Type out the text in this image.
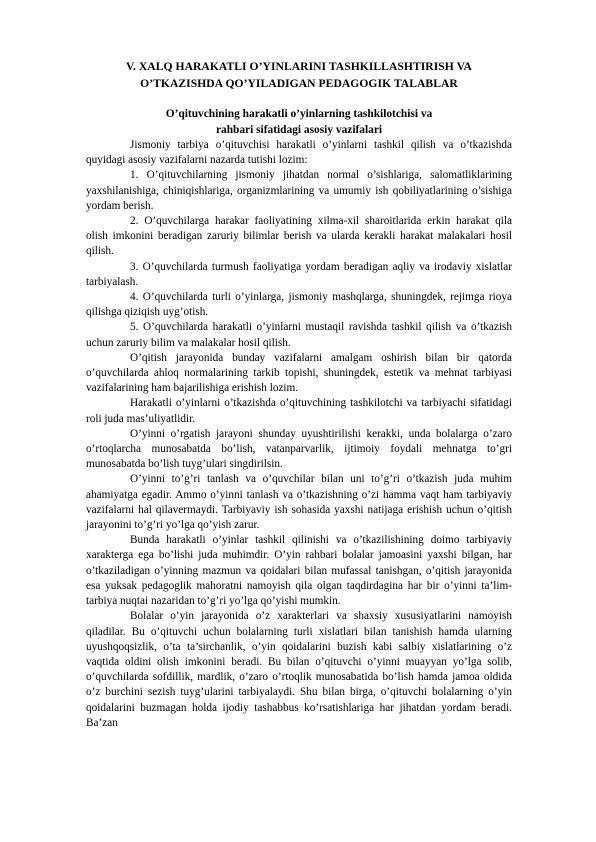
V. XALQ HARAKATLI O’YINLARINI TASHKILLASHTIRISH VA
O’TKAZISHDA QO’YILADIGAN PEDAGOGIK TALABLAR
O’qituvchining harakatli o’yinlarning tashkilotchisi va
rahbari sifatidagi asosiy vazifalari

Jismoniy tarbiya o’qituvchisi harakatli o’yinlarni tashkil qilish va o’tkazishda quyidagi asosiy vazifalarni nazarda tutishi lozim:

1. O’qituvchilarning jismoniy jihatdan normal o’sishlariga, salomatliklarining yaxshilanishiga, chiniqishlariga, organizmlarining va umumiy ish qobiliyatlarining o’sishiga yordam berish.

2. O’quvchilarga harakar faoliyatining xilma-xil sharoitlarida erkin harakat qila olish imkonini beradigan zaruriy bilimlar berish va ularda kerakli harakat malakalari hosil qilish.

3. O’quvchilarda turmush faoliyatiga yordam beradigan aqliy va irodaviy xislatlar tarbiyalash.

4. O’quvchilarda turli o’yinlarga, jismoniy mashqlarga, shuningdek, rejimga rioya qilishga qiziqish uyg’otish.

5. O’quvchilarda harakatli o’yinlarni mustaqil ravishda tashkil qilish va o’tkazish uchun zaruriy bilim va malakalar hosil qilish.

O’qitish jarayonida bunday vazifalarni amalgam oshirish bilan bir qatorda o’quvchilarda ahloq normalarining tarkib topishi, shuningdek, estetik va mehnat tarbiyasi vazifalarining ham bajarilishiga erishish lozim.

Harakatli o’yinlarni o’tkazishda o’qituvchining tashkilotchi va tarbiyachi sifatidagi roli juda mas’uliyatlidir.

O’yinni o’rgatish jarayoni shunday uyushtirilishi kerakki, unda bolalarga o’zaro o’rtoqlarcha munosabatda bo’lish, vatanparvarlik, ijtimoiy foydali mehnatga to’gri munosabatda bo’lish tuyg’ulari singdirilsin.

O’yinni to’g’ri tanlash va o’quvchilar bilan uni to’g’ri o’tkazish juda muhim ahamiyatga egadir. Ammo o’yinni tanlash va o’tkazishning o’zi hamma vaqt ham tarbiyaviy vazifalarni hal qilavermaydi. Tarbiyaviy ish sohasida yaxshi natijaga erishish uchun o’qitish jarayonini to’g’ri yo’lga qo’yish zarur.

Bunda harakatli o’yinlar tashkil qilinishi va o’tkazilishining doimo tarbiyaviy xarakterga ega bo’lishi juda muhimdir. O’yin rahbari bolalar jamoasini yaxshi bilgan, har o’tkaziladigan o’yinning mazmun va qoidalari bilan mufassal tanishgan, o’qitish jarayonida esa yuksak pedagoglik mahoratni namoyish qila olgan taqdirdagina har bir o’yinni ta’lim-tarbiya nuqtai nazaridan to’g’ri yo’lga qo’yishi mumkin.

Bolalar o’yin jarayonida o’z xarakterlari va shaxsiy xususiyatlarini namoyish qiladilar. Bu o’qituvchi uchun bolalarning turli xislatlari bilan tanishish hamda ularning uyushqoqsizlik, o’ta ta’sirchanlik, o’yin qoidalarini buzish kabi salbiy xislatlarining o’z vaqtida oldini olish imkonini beradi. Bu bilan o’qituvchi o’yinni muayyan yo’lga solib, o’quvchilarda sofdillik, mardlik, o’zaro o’rtoqlik munosabatida bo’lish hamda jamoa oldida o’z burchini sezish tuyg’ularini tarbiyalaydi. Shu bilan birga, o’qituvchi bolalarning o’yin qoidalarini buzmagan holda ijodiy tashabbus ko’rsatishlariga har jihatdan yordam beradi. Ba’zan
